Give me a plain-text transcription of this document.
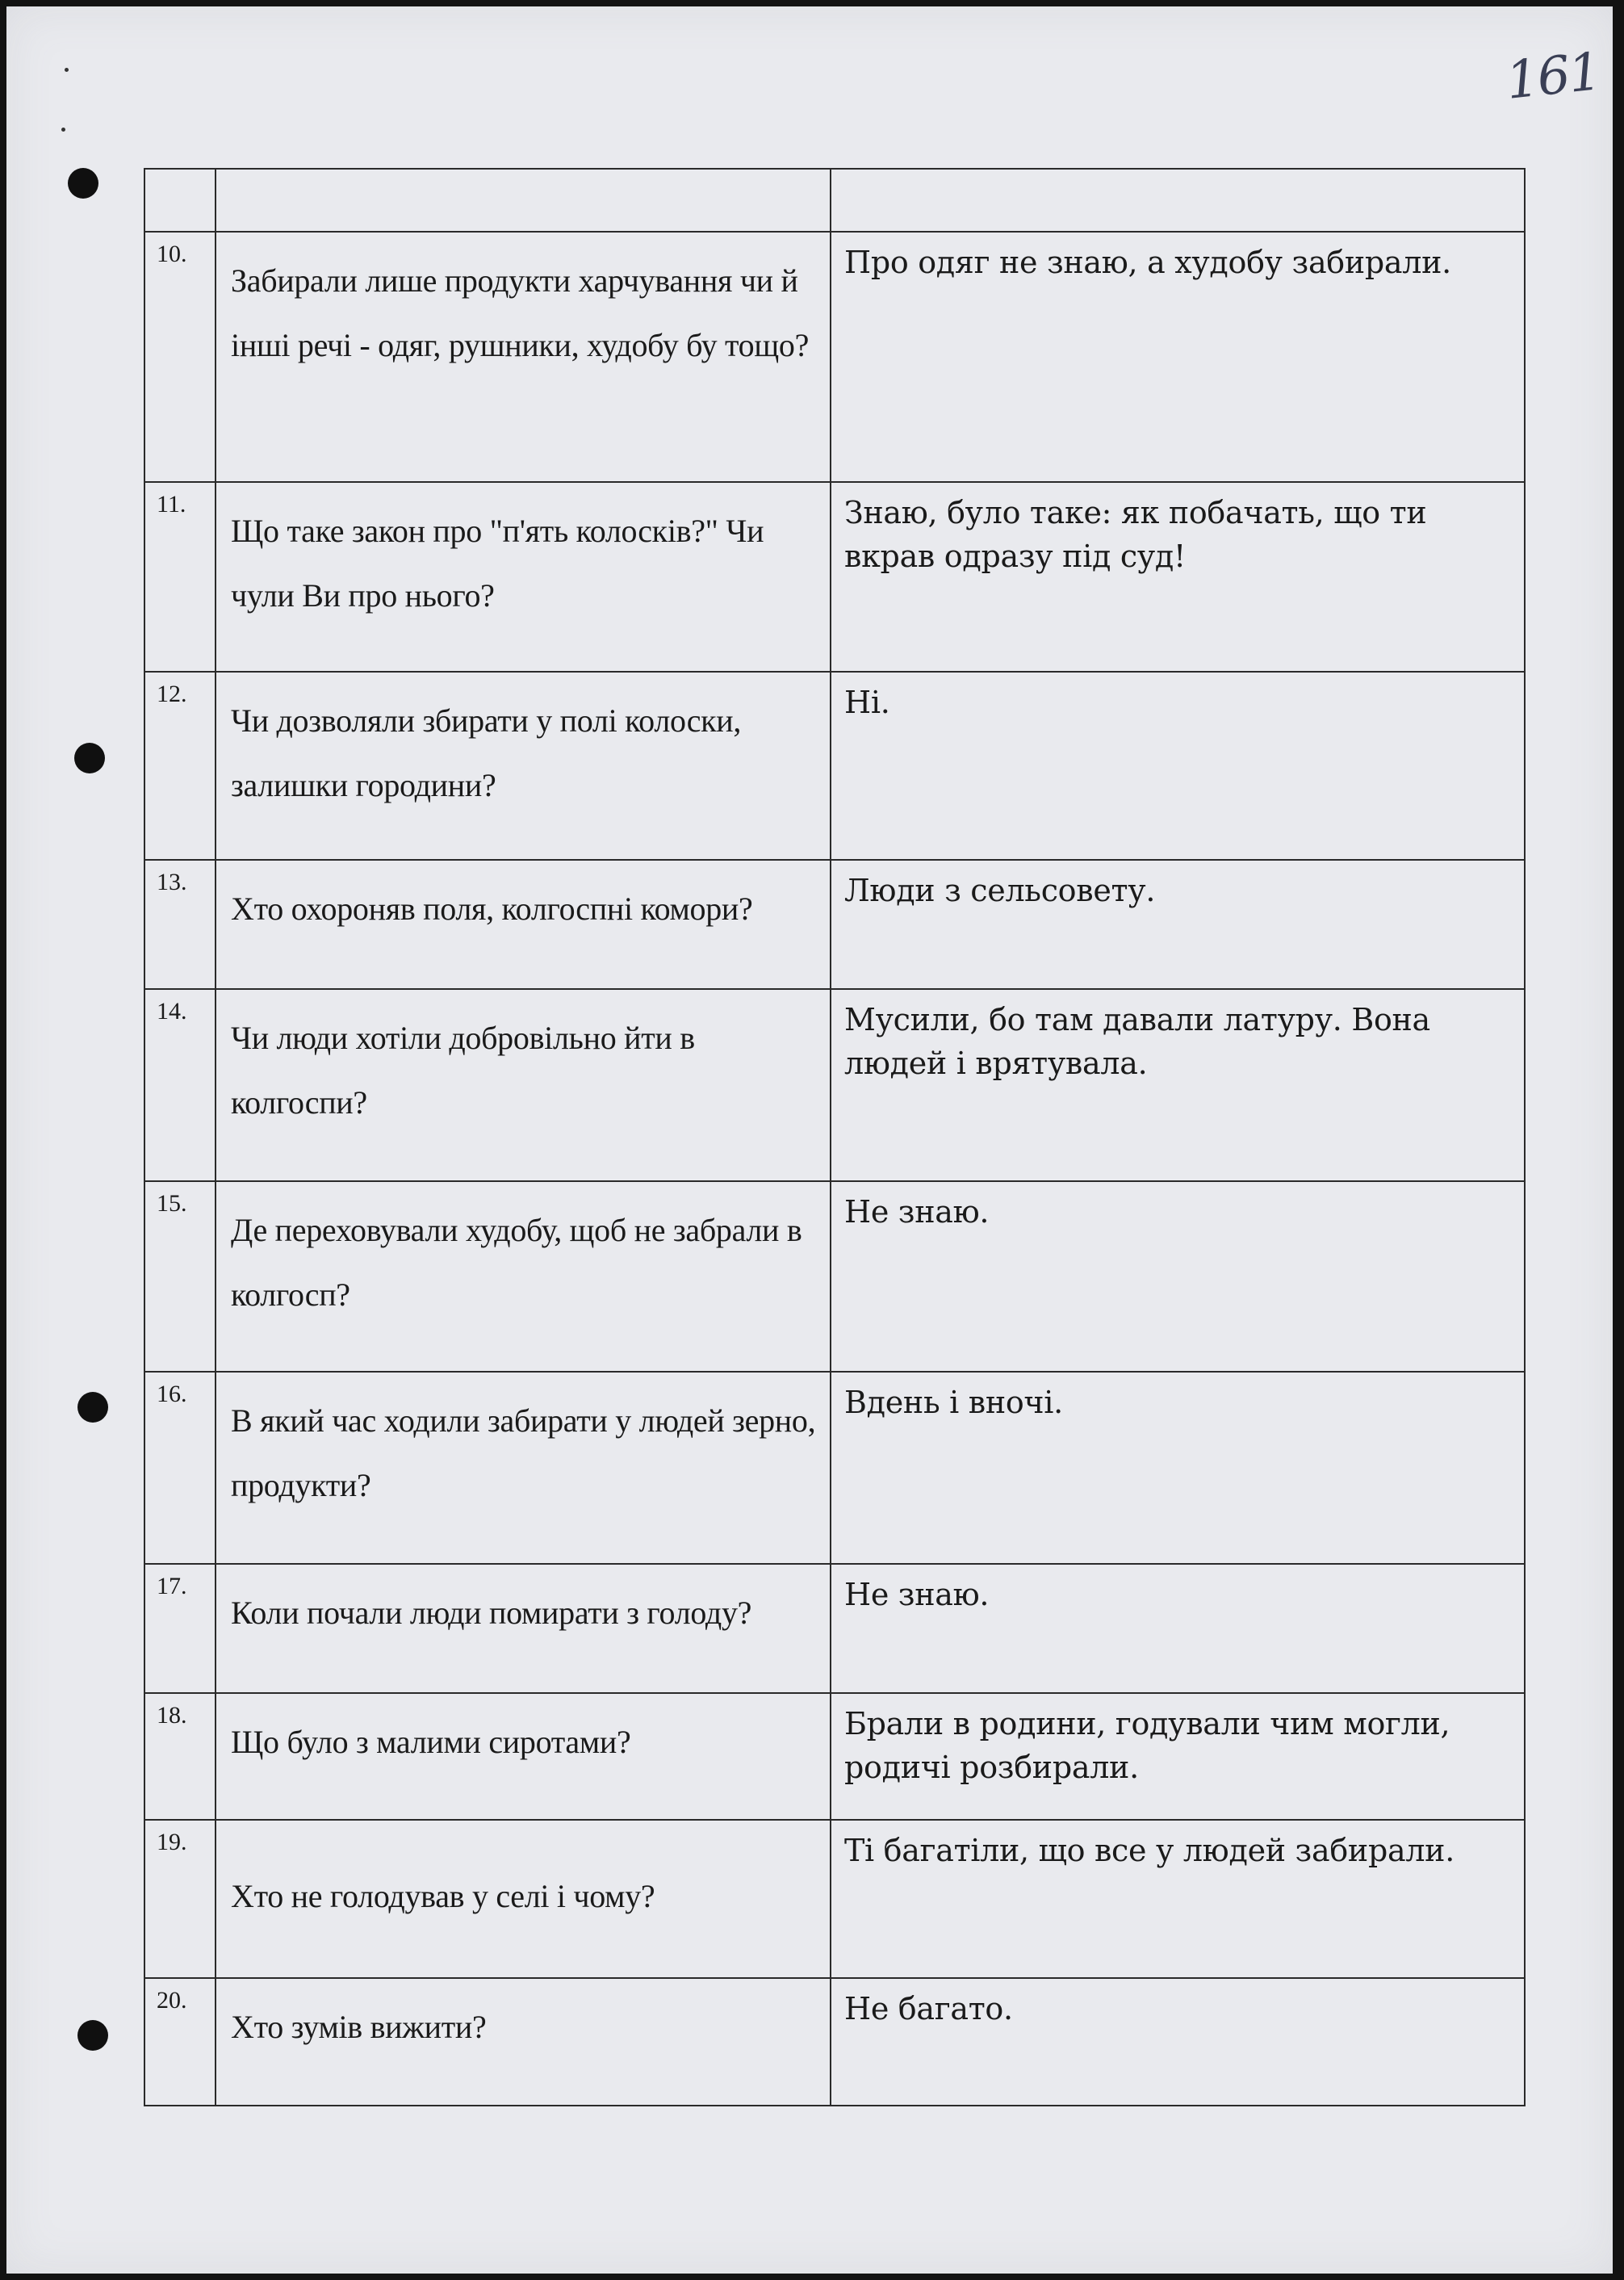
161

10.	Забирали лише продукти харчування чи й інші речі - одяг, рушники, худобу бу тощо?	Про одяг не знаю, а худобу забирали.
11.	Що таке закон про "п'ять колосків?" Чи чули Ви про нього?	Знаю, було таке: як побачать, що ти вкрав одразу під суд!
12.	Чи дозволяли збирати у полі колоски, залишки городини?	Ні.
13.	Хто охороняв поля, колгоспні комори?	Люди з сельсовету.
14.	Чи люди хотіли добровільно йти в колгоспи?	Мусили, бо там давали латуру. Вона людей і врятувала.
15.	Де переховували худобу, щоб не забрали в колгосп?	Не знаю.
16.	В який час ходили забирати у людей зерно, продукти?	Вдень і вночі.
17.	Коли почали люди помирати з голоду?	Не знаю.
18.	Що було з малими сиротами?	Брали в родини, годували чим могли, родичі розбирали.
19.	Хто не голодував у селі і чому?	Ті багатіли, що все у людей забирали.
20.	Хто зумів вижити?	Не багато.
